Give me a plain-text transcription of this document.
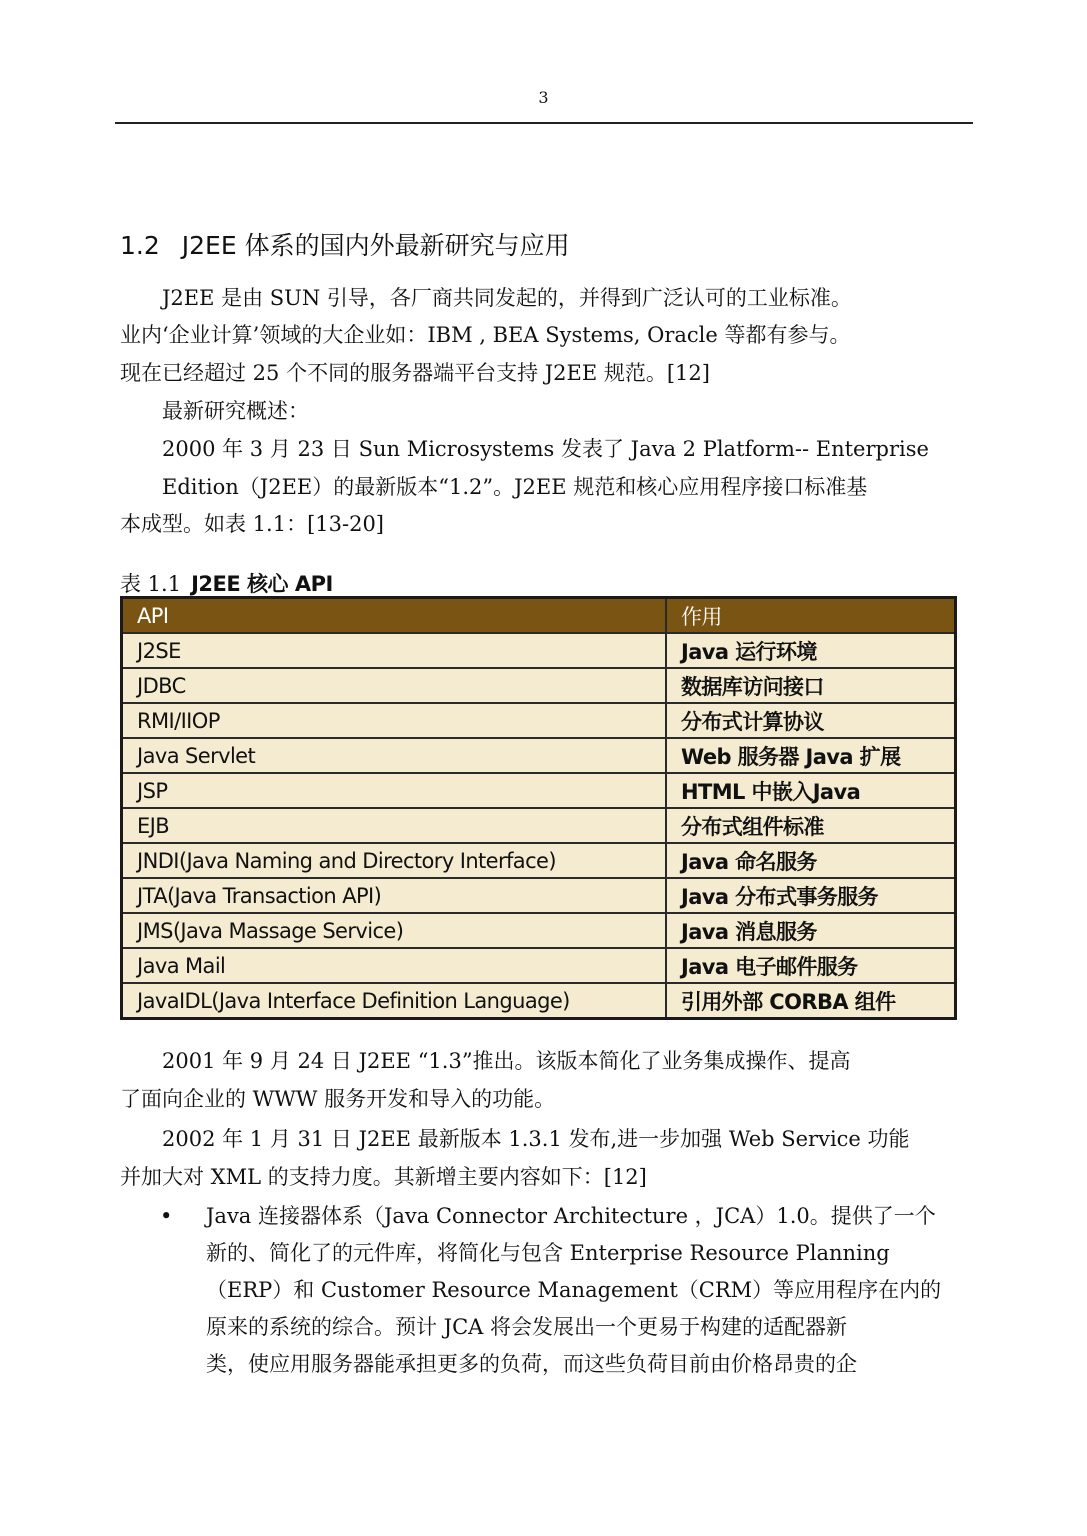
3
1.2 J2EE 体系的国内外最新研究与应用

J2EE 是由 SUN 引导，各厂商共同发起的，并得到广泛认可的工业标准。

业内‘企业计算’领域的大企业如：IBM , BEA Systems, Oracle 等都有参与。

现在已经超过 25 个不同的服务器端平台支持 J2EE 规范。[12]

最新研究概述：

2000 年 3 月 23 日 Sun Microsystems 发表了 Java 2 Platform-- Enterprise

Edition（J2EE）的最新版本“1.2”。J2EE 规范和核心应用程序接口标准基

本成型。如表 1.1：[13-20]

表 1.1 J2EE 核心 API
API	作用
J2SE	Java 运行环境
JDBC	数据库访问接口
RMI/IIOP	分布式计算协议
Java Servlet	Web 服务器 Java 扩展
JSP	HTML 中嵌入Java
EJB	分布式组件标准
JNDI(Java Naming and Directory Interface)	Java 命名服务
JTA(Java Transaction API)	Java 分布式事务服务
JMS(Java Massage Service)	Java 消息服务
Java Mail	Java 电子邮件服务
JavaIDL(Java Interface Definition Language)	引用外部 CORBA 组件

2001 年 9 月 24 日 J2EE “1.3”推出。该版本简化了业务集成操作、提高

了面向企业的 WWW 服务开发和导入的功能。

2002 年 1 月 31 日 J2EE 最新版本 1.3.1 发布,进一步加强 Web Service 功能

并加大对 XML 的支持力度。其新增主要内容如下：[12]

• Java 连接器体系（Java Connector Architecture ，JCA）1.0。提供了一个
新的、简化了的元件库，将简化与包含 Enterprise Resource Planning
（ERP）和 Customer Resource Management（CRM）等应用程序在内的
原来的系统的综合。预计 JCA 将会发展出一个更易于构建的适配器新
类，使应用服务器能承担更多的负荷，而这些负荷目前由价格昂贵的企
